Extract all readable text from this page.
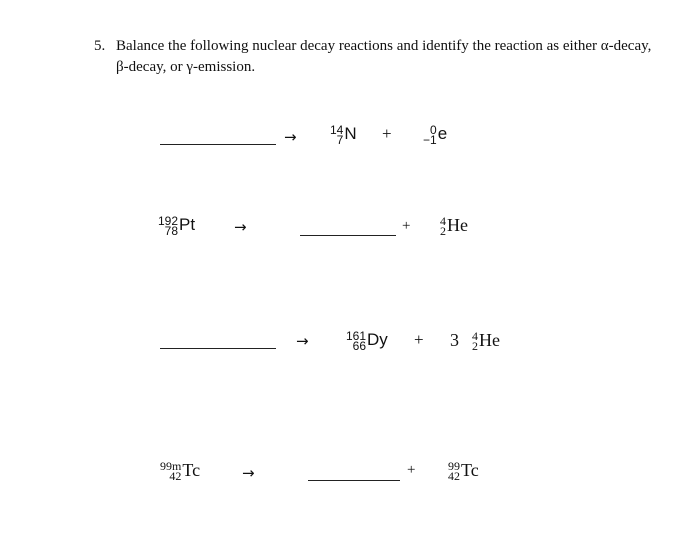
5. Balance the following nuclear decay reactions and identify the reaction as either α-decay,
β-decay, or γ-emission.
→	14
7 N +	0
−1 e
192
78 Pt	→	+ 4
2 He
→	161
66 Dy + 3 4
2 He
99m
42 Tc	→	+	99
42 Tc
